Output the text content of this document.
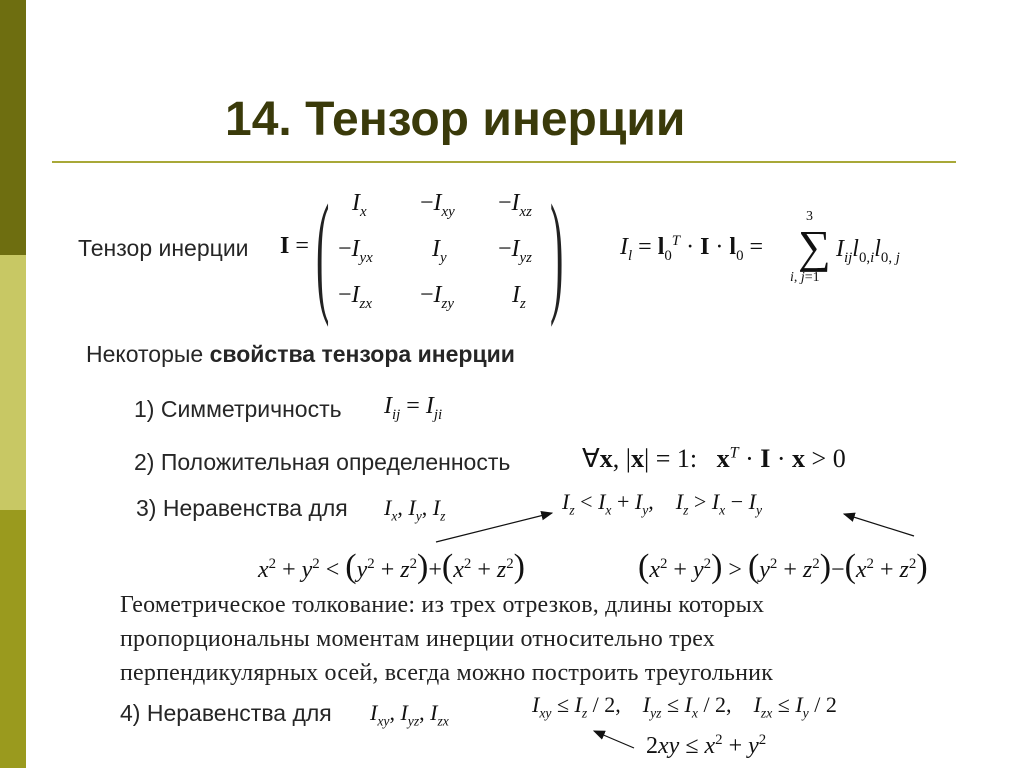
14. Тензор инерции
Тензор инерции I = (	)
$I_x -I_{xy} -I_{xz}$
$-I_{yx}$ $I_y -I_{yz}$
$-I_{zx} -I_{zy}$ $I_z$
$I_l = l_0^T \cdot I \cdot l_0$ = ∑
3
i, j=1
$I_{ij}l_{0,i}l_{0, j}$
Некоторые свойства тензора инерции
1) Симметричность $I_{ij} = I_{ji}$
2) Положительная определенность	∀x, |x| = 1:   $x^T \cdot I \cdot x > 0$
3) Неравенства для $I_x$, $I_y$, $I_z$
$I_z < I_x + I_y$,    $I_z > I_x - I_y$
$x^2 + y^2 < (y^2 + z^2)+(x^2 + z^2)$	$(x^2 + y^2) > (y^2 + z^2)-(x^2 + z^2)$
Геометрическое толкование: из трех отрезков, длины которых
пропорциональны моментам инерции относительно трех
перпендикулярных осей, всегда можно построить треугольник
4) Неравенства для $I_{xy}$, $I_{yz}$, $I_{zx}$
$I_{xy} \le I_z / 2$,    $I_{yz} \le I_x / 2$,    $I_{zx} \le I_y / 2$
$2xy \le x^2 + y^2$
